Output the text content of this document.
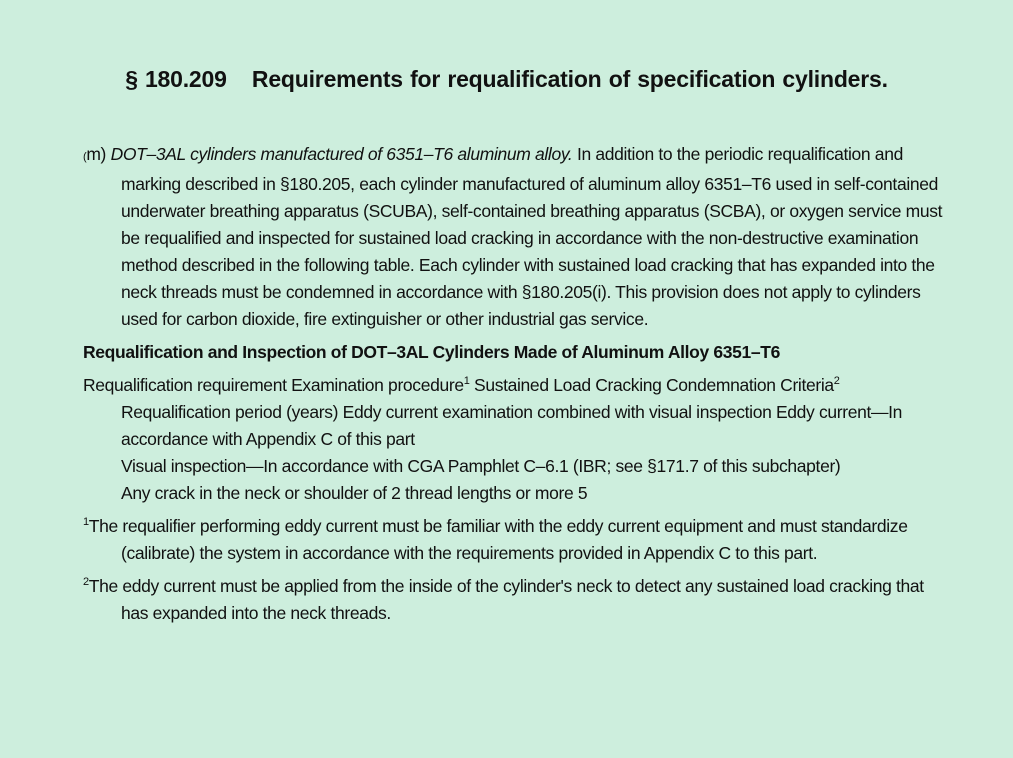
§ 180.209 Requirements for requalification of specification cylinders.

(m) DOT–3AL cylinders manufactured of 6351–T6 aluminum alloy. In addition to the periodic requalification and marking described in §180.205, each cylinder manufactured of aluminum alloy 6351–T6 used in self-contained underwater breathing apparatus (SCUBA), self-contained breathing apparatus (SCBA), or oxygen service must be requalified and inspected for sustained load cracking in accordance with the non-destructive examination method described in the following table. Each cylinder with sustained load cracking that has expanded into the neck threads must be condemned in accordance with §180.205(i). This provision does not apply to cylinders used for carbon dioxide, fire extinguisher or other industrial gas service.

Requalification and Inspection of DOT–3AL Cylinders Made of Aluminum Alloy 6351–T6

Requalification requirement Examination procedure$^1$ Sustained Load Cracking Condemnation Criteria$^2$ Requalification period (years) Eddy current examination combined with visual inspection Eddy current—In accordance with Appendix C of this part
Visual inspection—In accordance with CGA Pamphlet C–6.1 (IBR; see §171.7 of this subchapter)
Any crack in the neck or shoulder of 2 thread lengths or more 5

$^1$The requalifier performing eddy current must be familiar with the eddy current equipment and must standardize (calibrate) the system in accordance with the requirements provided in Appendix C to this part.

$^2$The eddy current must be applied from the inside of the cylinder's neck to detect any sustained load cracking that has expanded into the neck threads.
